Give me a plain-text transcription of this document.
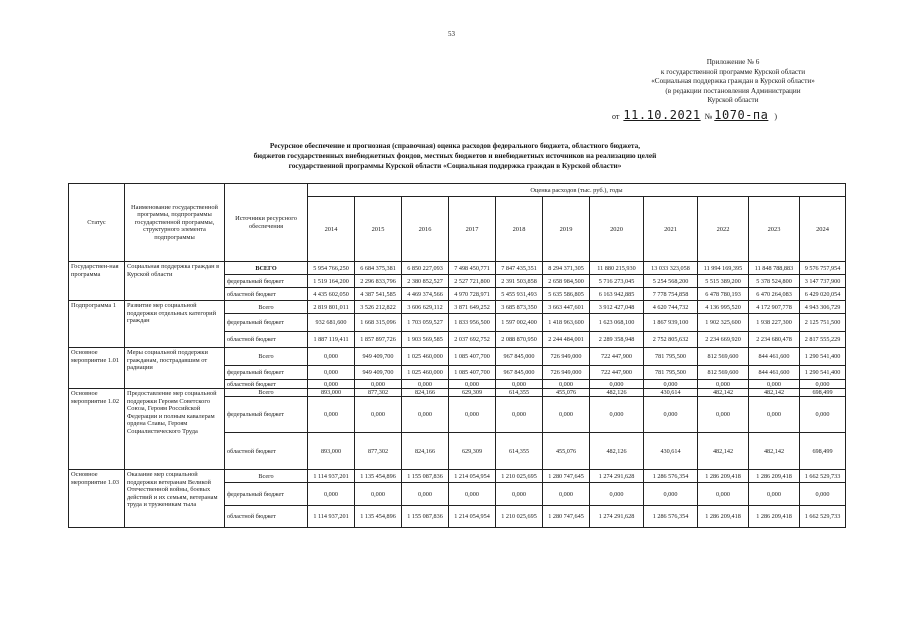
53
Приложение № 6
к государственной программе Курской области
«Социальная поддержка граждан в Курской области»
(в редакции постановления Администрации
Курской области
от 11.10.2021 № 1070-па )
Ресурсное обеспечение и прогнозная (справочная) оценка расходов федерального бюджета, областного бюджета,
бюджетов государственных внебюджетных фондов, местных бюджетов и внебюджетных источников на реализацию целей
государственной программы Курской области «Социальная поддержка граждан в Курской области»
Статус	Наименование государственной программы, подпрограммы государственной программы, структурного элемента подпрограммы	Источники ресурсного обеспечения	Оценка расходов (тыс. руб.), годы										
			2014	2015	2016	2017	2018	2019	2020	2021	2022	2023	2024
Государствен-ная программа	Социальная поддержка граждан в Курской области	ВСЕГО	5 954 766,250	6 684 375,381	6 850 227,093	7 498 450,771	7 847 435,351	8 294 371,305	11 880 215,930	13 033 323,058	11 994 169,395	11 848 788,883	9 576 757,954
		федеральный бюджет	1 519 164,200	2 296 833,796	2 380 852,527	2 527 721,800	2 391 503,858	2 658 984,500	5 716 273,045	5 254 568,200	5 515 389,200	5 378 524,800	3 147 737,900
		областной бюджет	4 435 602,050	4 387 541,585	4 469 374,566	4 970 728,971	5 455 931,493	5 635 586,805	6 163 942,885	7 778 754,858	6 478 780,193	6 470 264,083	6 429 020,054
Подпрограмма 1	Развитие мер социальной поддержки отдельных категорий граждан	Всего	2 819 801,011	3 526 212,822	3 606 629,112	3 871 649,252	3 685 873,350	3 663 447,601	3 912 427,048	4 620 744,732	4 136 995,520	4 172 907,778	4 943 306,729
		федеральный бюджет	932 681,600	1 668 315,096	1 703 059,527	1 833 956,500	1 597 002,400	1 418 963,600	1 623 068,100	1 867 939,100	1 902 325,600	1 938 227,300	2 125 751,500
		областной бюджет	1 887 119,411	1 857 897,726	1 903 569,585	2 037 692,752	2 088 870,950	2 244 484,001	2 289 358,948	2 752 805,632	2 234 669,920	2 234 680,478	2 817 555,229
Основное мероприятие 1.01	Меры социальной поддержки гражданам, пострадавшим от радиации	Всего	0,000	949 409,700	1 025 460,000	1 085 407,700	967 845,000	726 949,000	722 447,900	781 795,500	812 569,600	844 461,600	1 290 541,400
		федеральный бюджет	0,000	949 409,700	1 025 460,000	1 085 407,700	967 845,000	726 949,000	722 447,900	781 795,500	812 569,600	844 461,600	1 290 541,400
		областной бюджет	0,000	0,000	0,000	0,000	0,000	0,000	0,000	0,000	0,000	0,000	0,000
Основное мероприятие 1.02	Предоставление мер социальной поддержки Героям Советского Союза, Героям Российской Федерации и полным кавалерам ордена Славы, Героям Социалистического Труда	Всего	893,000	877,302	824,166	629,309	614,355	455,076	482,126	430,614	482,142	482,142	698,499
		федеральный бюджет	0,000	0,000	0,000	0,000	0,000	0,000	0,000	0,000	0,000	0,000	0,000
		областной бюджет	893,000	877,302	824,166	629,309	614,355	455,076	482,126	430,614	482,142	482,142	698,499
Основное мероприятие 1.03	Оказание мер социальной поддержки ветеранам Великой Отечественной войны, боевых действий и их семьям, ветеранам труда и труженикам тыла	Всего	1 114 937,201	1 135 454,896	1 155 087,836	1 214 054,954	1 210 025,695	1 280 747,645	1 274 291,628	1 286 576,354	1 286 209,418	1 286 209,418	1 662 529,733
		федеральный бюджет	0,000	0,000	0,000	0,000	0,000	0,000	0,000	0,000	0,000	0,000	0,000
		областной бюджет	1 114 937,201	1 135 454,896	1 155 087,836	1 214 054,954	1 210 025,695	1 280 747,645	1 274 291,628	1 286 576,354	1 286 209,418	1 286 209,418	1 662 529,733
